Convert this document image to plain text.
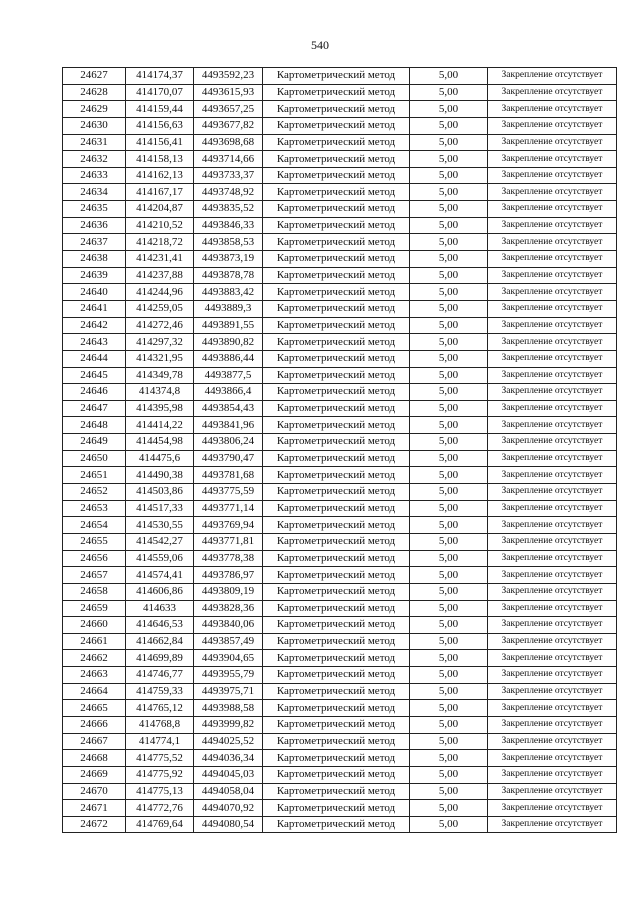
540
24627	414174,37	4493592,23	Картометрический метод	5,00	Закрепление отсутствует
24628	414170,07	4493615,93	Картометрический метод	5,00	Закрепление отсутствует
24629	414159,44	4493657,25	Картометрический метод	5,00	Закрепление отсутствует
24630	414156,63	4493677,82	Картометрический метод	5,00	Закрепление отсутствует
24631	414156,41	4493698,68	Картометрический метод	5,00	Закрепление отсутствует
24632	414158,13	4493714,66	Картометрический метод	5,00	Закрепление отсутствует
24633	414162,13	4493733,37	Картометрический метод	5,00	Закрепление отсутствует
24634	414167,17	4493748,92	Картометрический метод	5,00	Закрепление отсутствует
24635	414204,87	4493835,52	Картометрический метод	5,00	Закрепление отсутствует
24636	414210,52	4493846,33	Картометрический метод	5,00	Закрепление отсутствует
24637	414218,72	4493858,53	Картометрический метод	5,00	Закрепление отсутствует
24638	414231,41	4493873,19	Картометрический метод	5,00	Закрепление отсутствует
24639	414237,88	4493878,78	Картометрический метод	5,00	Закрепление отсутствует
24640	414244,96	4493883,42	Картометрический метод	5,00	Закрепление отсутствует
24641	414259,05	4493889,3	Картометрический метод	5,00	Закрепление отсутствует
24642	414272,46	4493891,55	Картометрический метод	5,00	Закрепление отсутствует
24643	414297,32	4493890,82	Картометрический метод	5,00	Закрепление отсутствует
24644	414321,95	4493886,44	Картометрический метод	5,00	Закрепление отсутствует
24645	414349,78	4493877,5	Картометрический метод	5,00	Закрепление отсутствует
24646	414374,8	4493866,4	Картометрический метод	5,00	Закрепление отсутствует
24647	414395,98	4493854,43	Картометрический метод	5,00	Закрепление отсутствует
24648	414414,22	4493841,96	Картометрический метод	5,00	Закрепление отсутствует
24649	414454,98	4493806,24	Картометрический метод	5,00	Закрепление отсутствует
24650	414475,6	4493790,47	Картометрический метод	5,00	Закрепление отсутствует
24651	414490,38	4493781,68	Картометрический метод	5,00	Закрепление отсутствует
24652	414503,86	4493775,59	Картометрический метод	5,00	Закрепление отсутствует
24653	414517,33	4493771,14	Картометрический метод	5,00	Закрепление отсутствует
24654	414530,55	4493769,94	Картометрический метод	5,00	Закрепление отсутствует
24655	414542,27	4493771,81	Картометрический метод	5,00	Закрепление отсутствует
24656	414559,06	4493778,38	Картометрический метод	5,00	Закрепление отсутствует
24657	414574,41	4493786,97	Картометрический метод	5,00	Закрепление отсутствует
24658	414606,86	4493809,19	Картометрический метод	5,00	Закрепление отсутствует
24659	414633	4493828,36	Картометрический метод	5,00	Закрепление отсутствует
24660	414646,53	4493840,06	Картометрический метод	5,00	Закрепление отсутствует
24661	414662,84	4493857,49	Картометрический метод	5,00	Закрепление отсутствует
24662	414699,89	4493904,65	Картометрический метод	5,00	Закрепление отсутствует
24663	414746,77	4493955,79	Картометрический метод	5,00	Закрепление отсутствует
24664	414759,33	4493975,71	Картометрический метод	5,00	Закрепление отсутствует
24665	414765,12	4493988,58	Картометрический метод	5,00	Закрепление отсутствует
24666	414768,8	4493999,82	Картометрический метод	5,00	Закрепление отсутствует
24667	414774,1	4494025,52	Картометрический метод	5,00	Закрепление отсутствует
24668	414775,52	4494036,34	Картометрический метод	5,00	Закрепление отсутствует
24669	414775,92	4494045,03	Картометрический метод	5,00	Закрепление отсутствует
24670	414775,13	4494058,04	Картометрический метод	5,00	Закрепление отсутствует
24671	414772,76	4494070,92	Картометрический метод	5,00	Закрепление отсутствует
24672	414769,64	4494080,54	Картометрический метод	5,00	Закрепление отсутствует
